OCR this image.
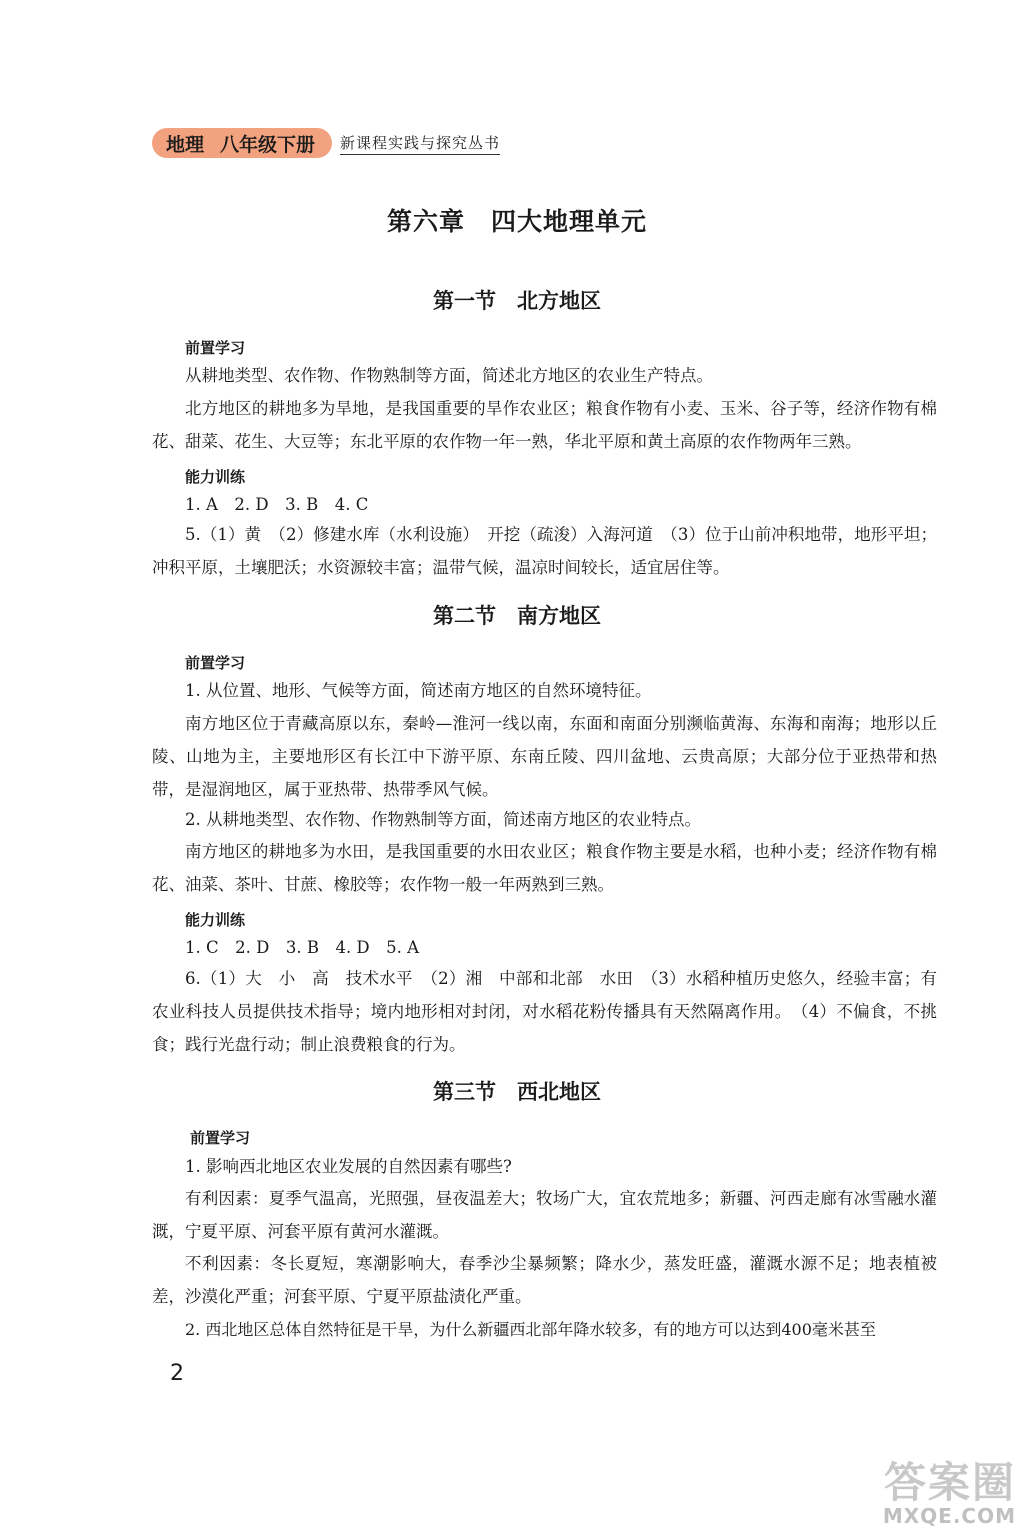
地理 八年级下册 新课程实践与探究丛书
第六章　四大地理单元
第一节　北方地区
前置学习
从耕地类型、农作物、作物熟制等方面，简述北方地区的农业生产特点。

北方地区的耕地多为旱地，是我国重要的旱作农业区；粮食作物有小麦、玉米、谷子等，经济作物有棉花、甜菜、花生、大豆等；东北平原的农作物一年一熟，华北平原和黄土高原的农作物两年三熟。

能力训练
1. A　2. D　3. B　4. C

5.（1）黄　（2）修建水库（水利设施）　开挖（疏浚）入海河道　（3）位于山前冲积地带，地形平坦；冲积平原，土壤肥沃；水资源较丰富；温带气候，温凉时间较长，适宜居住等。

第二节　南方地区
前置学习
1. 从位置、地形、气候等方面，简述南方地区的自然环境特征。

南方地区位于青藏高原以东，秦岭—淮河一线以南，东面和南面分别濒临黄海、东海和南海；地形以丘陵、山地为主，主要地形区有长江中下游平原、东南丘陵、四川盆地、云贵高原；大部分位于亚热带和热带，是湿润地区，属于亚热带、热带季风气候。

2. 从耕地类型、农作物、作物熟制等方面，简述南方地区的农业特点。

南方地区的耕地多为水田，是我国重要的水田农业区；粮食作物主要是水稻，也种小麦；经济作物有棉花、油菜、茶叶、甘蔗、橡胶等；农作物一般一年两熟到三熟。

能力训练
1. C　2. D　3. B　4. D　5. A

6.（1）大　小　高　技术水平　（2）湘　中部和北部　水田　（3）水稻种植历史悠久，经验丰富；有农业科技人员提供技术指导；境内地形相对封闭，对水稻花粉传播具有天然隔离作用。　（4）不偏食，不挑食；践行光盘行动；制止浪费粮食的行为。

第三节　西北地区
前置学习
1. 影响西北地区农业发展的自然因素有哪些?

有利因素：夏季气温高，光照强，昼夜温差大；牧场广大，宜农荒地多；新疆、河西走廊有冰雪融水灌溉，宁夏平原、河套平原有黄河水灌溉。

不利因素：冬长夏短，寒潮影响大，春季沙尘暴频繁；降水少，蒸发旺盛，灌溉水源不足；地表植被差，沙漠化严重；河套平原、宁夏平原盐渍化严重。

2. 西北地区总体自然特征是干旱，为什么新疆西北部年降水较多，有的地方可以达到400毫米甚至
2
答案圈
MXQE.COM
